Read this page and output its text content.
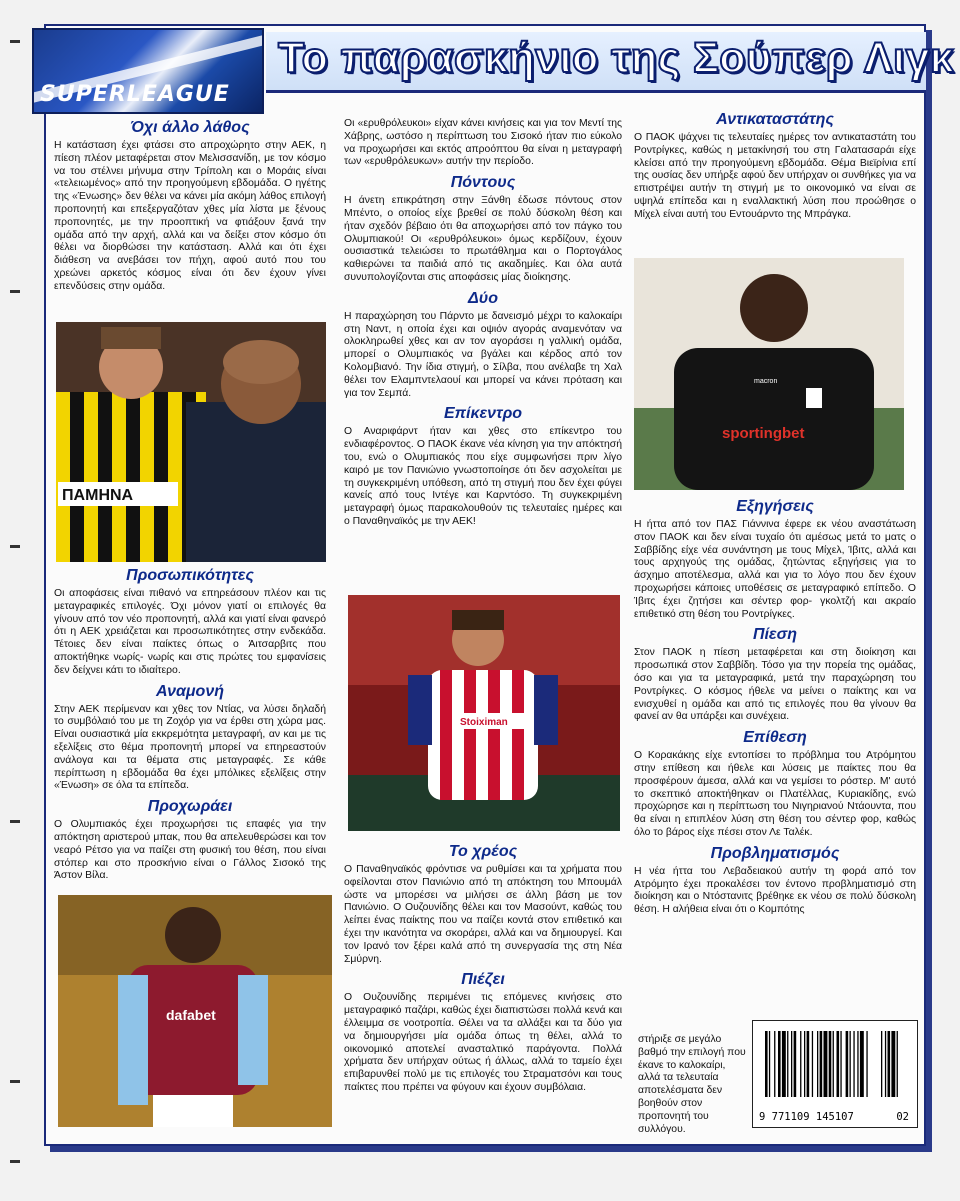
SUPERLEAGUE
Το παρασκήνιο της Σούπερ Λιγκ
Όχι άλλο λάθος

Η κατάσταση έχει φτάσει στο απροχώρητο στην ΑΕΚ, η πίεση πλέον μεταφέρεται στον Μελισσανίδη, με τον κόσμο να του στέλνει μήνυμα στην Τρίπολη και ο Μοράις είναι «τελειωμένος» από την προηγούμενη εβδομάδα. Ο ηγέτης της «Ένωσης» δεν θέλει να κάνει μία ακόμη λάθος επιλογή προπονητή και επεξεργαζόταν χθες μία λίστα με ξένους προπονητές, με την προοπτική να φτιάξουν ξανά την ομάδα από την αρχή, αλλά και να δείξει στον κόσμο ότι θέλει να διορθώσει την κατάσταση. Αλλά και ότι έχει διάθεση να ανεβάσει τον πήχη, αφού αυτό που του χρεώνει αρκετός κόσμος είναι ότι δεν έχουν γίνει επενδύσεις στην ομάδα.

ΠΑΜΗΝΑ
Προσωπικότητες

Οι αποφάσεις είναι πιθανό να επηρεάσουν πλέον και τις μεταγραφικές επιλογές. Όχι μόνον γιατί οι επιλογές θα γίνουν από τον νέο προπονητή, αλλά και γιατί είναι φανερό ότι η ΑΕΚ χρειάζεται και προσωπικότητες στην ενδεκάδα. Τέτοιες δεν είναι παίκτες όπως ο Άιτσαρβιτς που αποκτήθηκε νωρίς- νωρίς και στις πρώτες του εμφανίσεις δεν δείχνει κάτι το ιδιαίτερο.

Αναμονή

Στην ΑΕΚ περίμεναν και χθες τον Ντίας, να λύσει δηλαδή το συμβόλαιό του με τη Ζοχόρ για να έρθει στη χώρα μας. Είναι ουσιαστικά μία εκκρεμότητα μεταγραφή, αν και με τις εξελίξεις στο θέμα προπονητή μπορεί να επηρεαστούν ανάλογα και τα θέματα στις μεταγραφές. Σε κάθε περίπτωση η εβδομάδα θα έχει μπόλικες εξελίξεις στην «Ένωση» σε όλα τα επίπεδα.

Προχωράει

Ο Ολυμπιακός έχει προχωρήσει τις επαφές για την απόκτηση αριστερού μπακ, που θα απελευθερώσει και τον νεαρό Ρέτσο για να παίζει στη φυσική του θέση, που είναι στόπερ και στο προσκήνιο είναι ο Γάλλος Σισοκό της Άστον Βίλα.

dafabet

Οι «ερυθρόλευκοι» είχαν κάνει κινήσεις και για τον Μεντί της Χάβρης, ωστόσο η περίπτωση του Σισοκό ήταν πιο εύκολο να προχωρήσει και εκτός απροόπτου θα είναι η μεταγραφή των «ερυθρόλευκων» αυτήν την περίοδο.

Πόντους

Η άνετη επικράτηση στην Ξάνθη έδωσε πόντους στον Μπέντο, ο οποίος είχε βρεθεί σε πολύ δύσκολη θέση και ήταν σχεδόν βέβαιο ότι θα αποχωρήσει από τον πάγκο του Ολυμπιακού! Οι «ερυθρόλευκοι» όμως κερδίζουν, έχουν ουσιαστικά τελειώσει το πρωτάθλημα και ο Πορτογάλος καθιερώνει τα παιδιά από τις ακαδημίες. Και όλα αυτά συνυπολογίζονται στις αποφάσεις μίας διοίκησης.

Δύο

Η παραχώρηση του Πάρντο με δανεισμό μέχρι το καλοκαίρι στη Ναντ, η οποία έχει και οψιόν αγοράς αναμενόταν να ολοκληρωθεί χθες και αν τον αγοράσει η γαλλική ομάδα, μπορεί ο Ολυμπιακός να βγάλει και κέρδος από τον Κολομβιανό. Την ίδια στιγμή, ο Σίλβα, που ανέλαβε τη Χαλ θέλει τον Ελαμπντελαουί και μπορεί να κάνει πρόταση και για τον Σεμπά.

Επίκεντρο

Ο Αναριφάρντ ήταν και χθες στο επίκεντρο του ενδιαφέροντος. Ο ΠΑΟΚ έκανε νέα κίνηση για την απόκτησή του, ενώ ο Ολυμπιακός που είχε συμφωνήσει πριν λίγο καιρό με τον Πανιώνιο γνωστοποίησε ότι δεν ασχολείται με τη συγκεκριμένη υπόθεση, από τη στιγμή που δεν έχει φύγει κανείς από τους Ιντέγε και Καρντόσο. Τη συγκεκριμένη μεταγραφή όμως παρακολουθούν τις τελευταίες ημέρες και ο Παναθηναϊκός με την ΑΕΚ!

Stoiximan
Το χρέος

Ο Παναθηναϊκός φρόντισε να ρυθμίσει και τα χρήματα που οφείλονται στον Πανιώνιο από τη απόκτηση του Μπουμάλ ώστε να μπορέσει να μιλήσει σε άλλη βάση με τον Πανιώνιο. Ο Ουζουνίδης θέλει και τον Μασούντ, καθώς του λείπει ένας παίκτης που να παίζει κοντά στον επιθετικό και έχει την ικανότητα να σκοράρει, αλλά και να δημιουργεί. Και τον Ιρανό τον ξέρει καλά από τη συνεργασία της στη Νέα Σμύρνη.

Πιέζει

Ο Ουζουνίδης περιμένει τις επόμενες κινήσεις στο μεταγραφικό παζάρι, καθώς έχει διαπιστώσει πολλά κενά και έλλειμμα σε νοοτροπία. Θέλει να τα αλλάξει και τα δύο για να δημιουργήσει μία ομάδα όπως τη θέλει, αλλά το οικονομικό αποτελεί ανασταλτικό παράγοντα. Πολλά χρήματα δεν υπήρχαν ούτως ή άλλως, αλλά το ταμείο έχει επιβαρυνθεί πολύ με τις επιλογές του Στραματσόνι και τους παίκτες που πρέπει να φύγουν και έχουν συμβόλαια.

Αντικαταστάτης

Ο ΠΑΟΚ ψάχνει τις τελευταίες ημέρες τον αντικαταστάτη του Ροντρίγκες, καθώς η μετακίνησή του στη Γαλατασαράι είχε κλείσει από την προηγούμενη εβδομάδα. Θέμα Βιεϊρίνια επί της ουσίας δεν υπήρξε αφού δεν υπήρχαν οι συνθήκες για να επιστρέψει αυτήν τη στιγμή με το οικονομικό να είναι σε υψηλά επίπεδα και η εναλλακτική λύση που προώθησε ο Μίχελ είναι αυτή του Εντουάρντο της Μπράγκα.

sportingbet
macron
Εξηγήσεις

Η ήττα από τον ΠΑΣ Γιάννινα έφερε εκ νέου αναστάτωση στον ΠΑΟΚ και δεν είναι τυχαίο ότι αμέσως μετά το ματς ο Σαββίδης είχε νέα συνάντηση με τους Μίχελ, Ίβιτς, αλλά και τους αρχηγούς της ομάδας, ζητώντας εξηγήσεις για το άσχημο αποτέλεσμα, αλλά και για το λόγο που δεν έχουν προχωρήσει κάποιες υποθέσεις σε μεταγραφικό επίπεδο. Ο Ίβιτς έχει ζητήσει και σέντερ φορ- γκολτζή και ακραίο επιθετικό στη θέση του Ροντρίγκες.

Πίεση

Στον ΠΑΟΚ η πίεση μεταφέρεται και στη διοίκηση και προσωπικά στον Σαββίδη. Τόσο για την πορεία της ομάδας, όσο και για τα μεταγραφικά, μετά την παραχώρηση του Ροντρίγκες. Ο κόσμος ήθελε να μείνει ο παίκτης και να ενισχυθεί η ομάδα και από τις επιλογές που θα γίνουν θα φανεί αν θα υπάρξει και συνέχεια.

Επίθεση

Ο Κορακάκης είχε εντοπίσει το πρόβλημα του Ατρόμητου στην επίθεση και ήθελε και λύσεις με παίκτες που θα προσφέρουν άμεσα, αλλά και να γεμίσει το ρόστερ. Μ' αυτό το σκεπτικό αποκτήθηκαν οι Πλατέλλας, Κυριακίδης, ενώ προχώρησε και η περίπτωση του Νιγηριανού Ντάουντα, που θα είναι η επιπλέον λύση στη θέση του σέντερ φορ, καθώς όλο το βάρος είχε πέσει στον Λε Ταλέκ.

Προβληματισμός

Η νέα ήττα του Λεβαδειακού αυτήν τη φορά από τον Ατρόμητο έχει προκαλέσει τον έντονο προβληματισμό στη διοίκηση και ο Ντόστανιτς βρέθηκε εκ νέου σε πολύ δύσκολη θέση. Η αλήθεια είναι ότι ο Κομπότης

στήριξε σε μεγάλο βαθμό την επιλογή που έκανε το καλοκαίρι, αλλά τα τελευταία αποτελέσματα δεν βοηθούν στον προπονητή του συλλόγου.

9 771109 145107	02
